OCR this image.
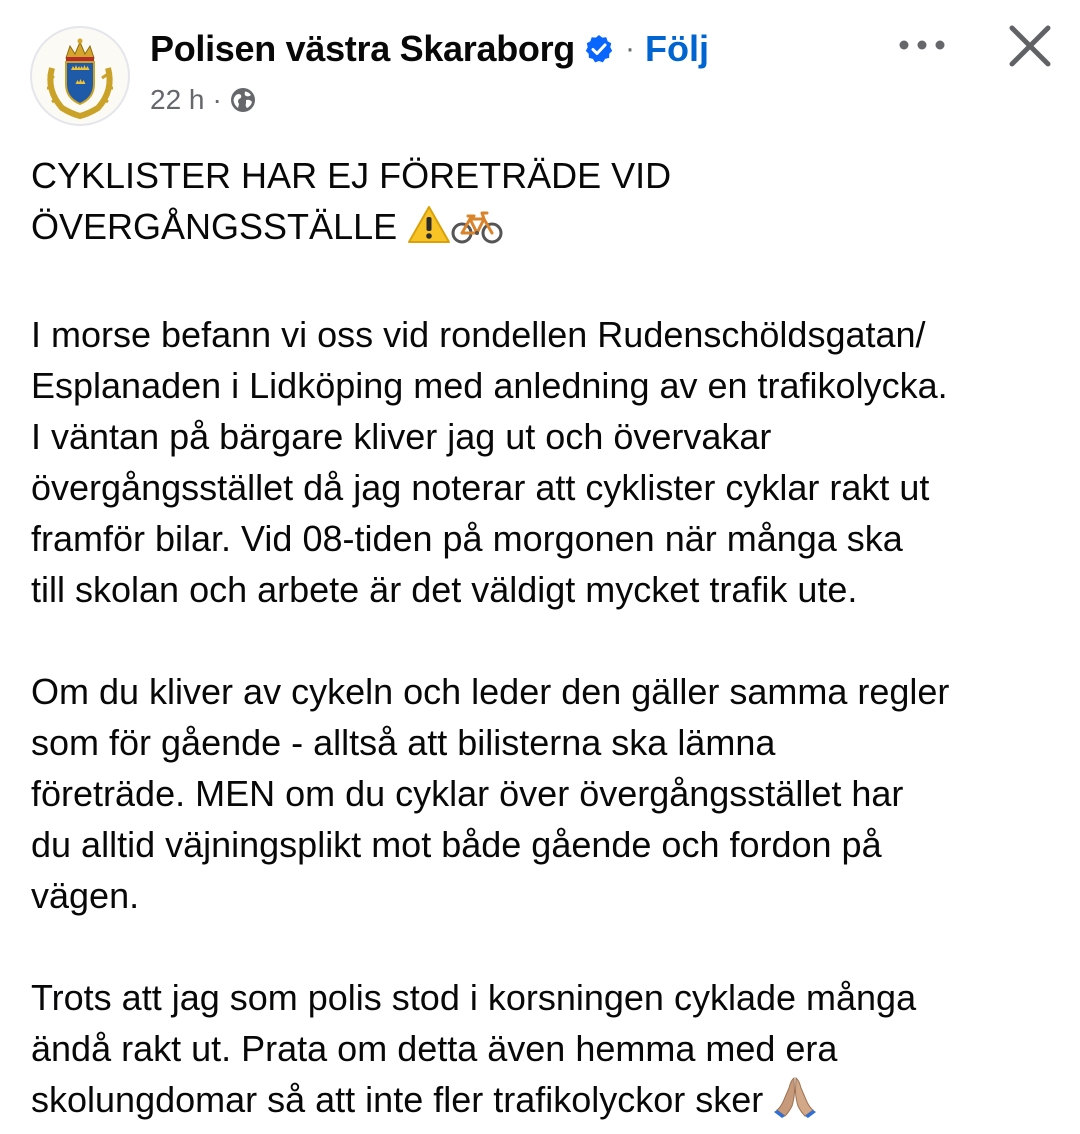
Polisen västra Skaraborg · Följ
22 h ·

CYKLISTER HAR EJ FÖRETRÄDE VID
ÖVERGÅNGSSTÄLLE

I morse befann vi oss vid rondellen Rudenschöldsgatan/
Esplanaden i Lidköping med anledning av en trafikolycka.
I väntan på bärgare kliver jag ut och övervakar
övergångsstället då jag noterar att cyklister cyklar rakt ut
framför bilar. Vid 08-tiden på morgonen när många ska
till skolan och arbete är det väldigt mycket trafik ute.

Om du kliver av cykeln och leder den gäller samma regler
som för gående - alltså att bilisterna ska lämna
företräde. MEN om du cyklar över övergångsstället har
du alltid väjningsplikt mot både gående och fordon på
vägen.

Trots att jag som polis stod i korsningen cyklade många
ändå rakt ut. Prata om detta även hemma med era
skolungdomar så att inte fler trafikolyckor sker
